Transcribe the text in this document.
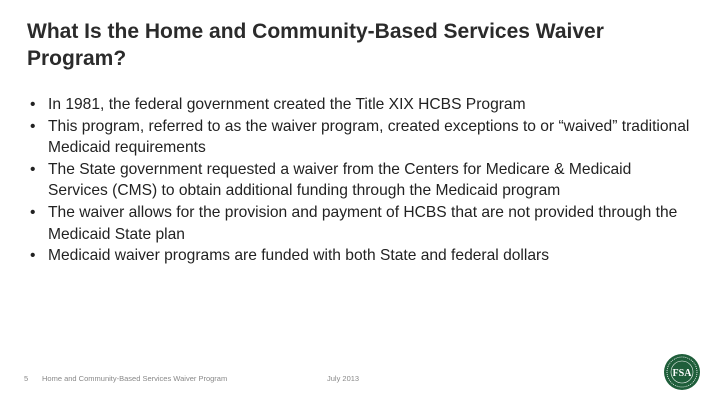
What Is the Home and Community-Based Services Waiver Program?
• In 1981, the federal government created the Title XIX HCBS Program
• This program, referred to as the waiver program, created exceptions to or “waived” traditional Medicaid requirements
• The State government requested a waiver from the Centers for Medicare & Medicaid Services (CMS) to obtain additional funding through the Medicaid program
• The waiver allows for the provision and payment of HCBS that are not provided through the Medicaid State plan
• Medicaid waiver programs are funded with both State and federal dollars
5 Home and Community-Based Services Waiver Program	July 2013	FSA
